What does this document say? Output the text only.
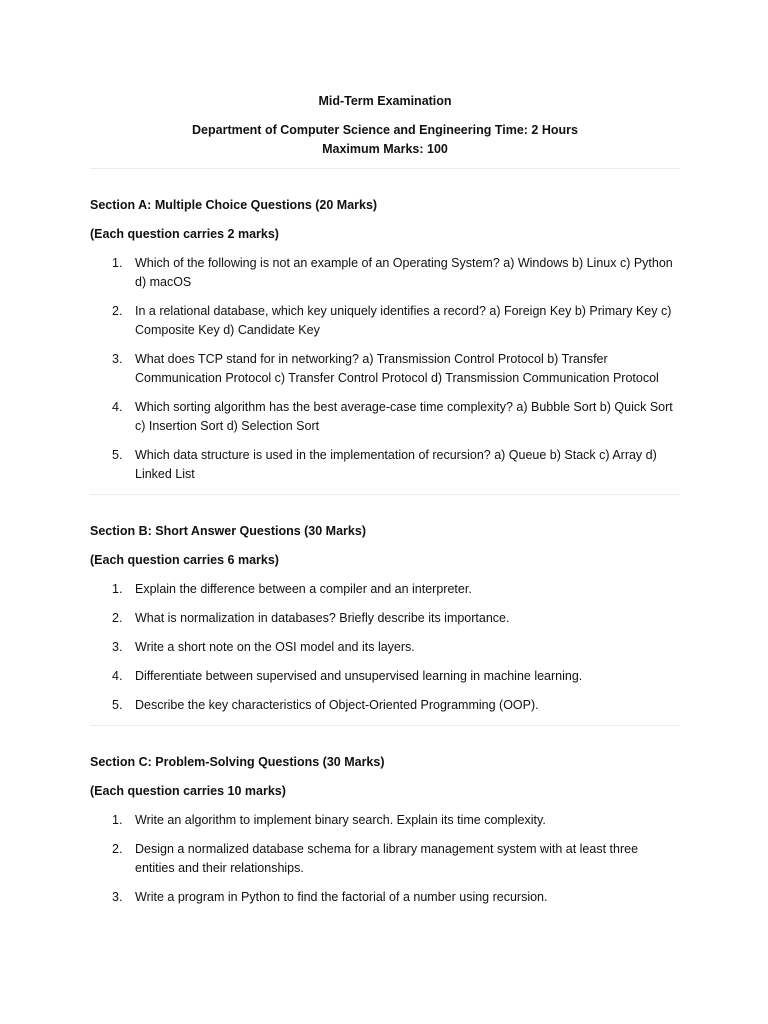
Mid-Term Examination
Department of Computer Science and Engineering Time: 2 Hours
Maximum Marks: 100

Section A: Multiple Choice Questions (20 Marks)

(Each question carries 2 marks)

1. Which of the following is not an example of an Operating System? a) Windows b) Linux c) Python d) macOS
2. In a relational database, which key uniquely identifies a record? a) Foreign Key b) Primary Key c) Composite Key d) Candidate Key
3. What does TCP stand for in networking? a) Transmission Control Protocol b) Transfer Communication Protocol c) Transfer Control Protocol d) Transmission Communication Protocol
4. Which sorting algorithm has the best average-case time complexity? a) Bubble Sort b) Quick Sort c) Insertion Sort d) Selection Sort
5. Which data structure is used in the implementation of recursion? a) Queue b) Stack c) Array d) Linked List

Section B: Short Answer Questions (30 Marks)

(Each question carries 6 marks)

1. Explain the difference between a compiler and an interpreter.
2. What is normalization in databases? Briefly describe its importance.
3. Write a short note on the OSI model and its layers.
4. Differentiate between supervised and unsupervised learning in machine learning.
5. Describe the key characteristics of Object-Oriented Programming (OOP).

Section C: Problem-Solving Questions (30 Marks)

(Each question carries 10 marks)

1. Write an algorithm to implement binary search. Explain its time complexity.
2. Design a normalized database schema for a library management system with at least three entities and their relationships.
3. Write a program in Python to find the factorial of a number using recursion.
